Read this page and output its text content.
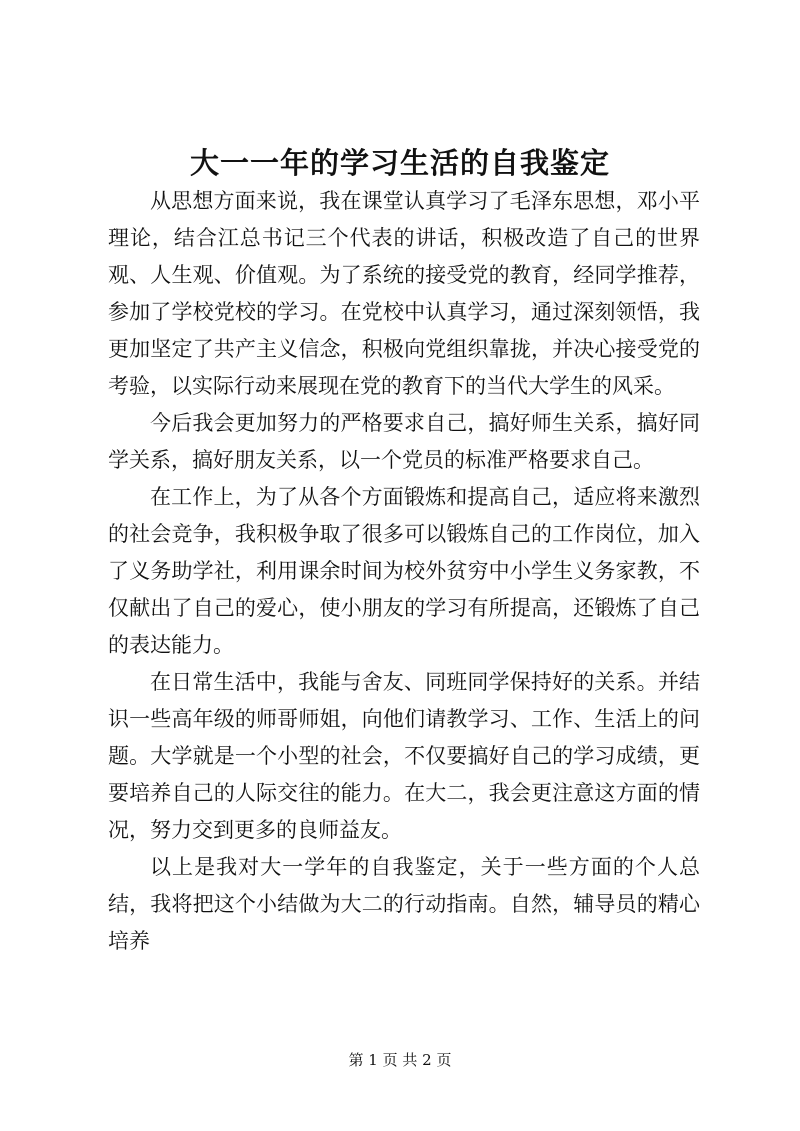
大一一年的学习生活的自我鉴定

从思想方面来说，我在课堂认真学习了毛泽东思想，邓小平理论，结合江总书记三个代表的讲话，积极改造了自己的世界观、人生观、价值观。为了系统的接受党的教育，经同学推荐，参加了学校党校的学习。在党校中认真学习，通过深刻领悟，我更加坚定了共产主义信念，积极向党组织靠拢，并决心接受党的考验，以实际行动来展现在党的教育下的当代大学生的风采。

今后我会更加努力的严格要求自己，搞好师生关系，搞好同学关系，搞好朋友关系，以一个党员的标准严格要求自己。

在工作上，为了从各个方面锻炼和提高自己，适应将来激烈的社会竞争，我积极争取了很多可以锻炼自己的工作岗位，加入了义务助学社，利用课余时间为校外贫穷中小学生义务家教，不仅献出了自己的爱心，使小朋友的学习有所提高，还锻炼了自己的表达能力。

在日常生活中，我能与舍友、同班同学保持好的关系。并结识一些高年级的师哥师姐，向他们请教学习、工作、生活上的问题。大学就是一个小型的社会，不仅要搞好自己的学习成绩，更要培养自己的人际交往的能力。在大二，我会更注意这方面的情况，努力交到更多的良师益友。

以上是我对大一学年的自我鉴定，关于一些方面的个人总结，我将把这个小结做为大二的行动指南。自然，辅导员的精心培养

第 1 页 共 2 页
